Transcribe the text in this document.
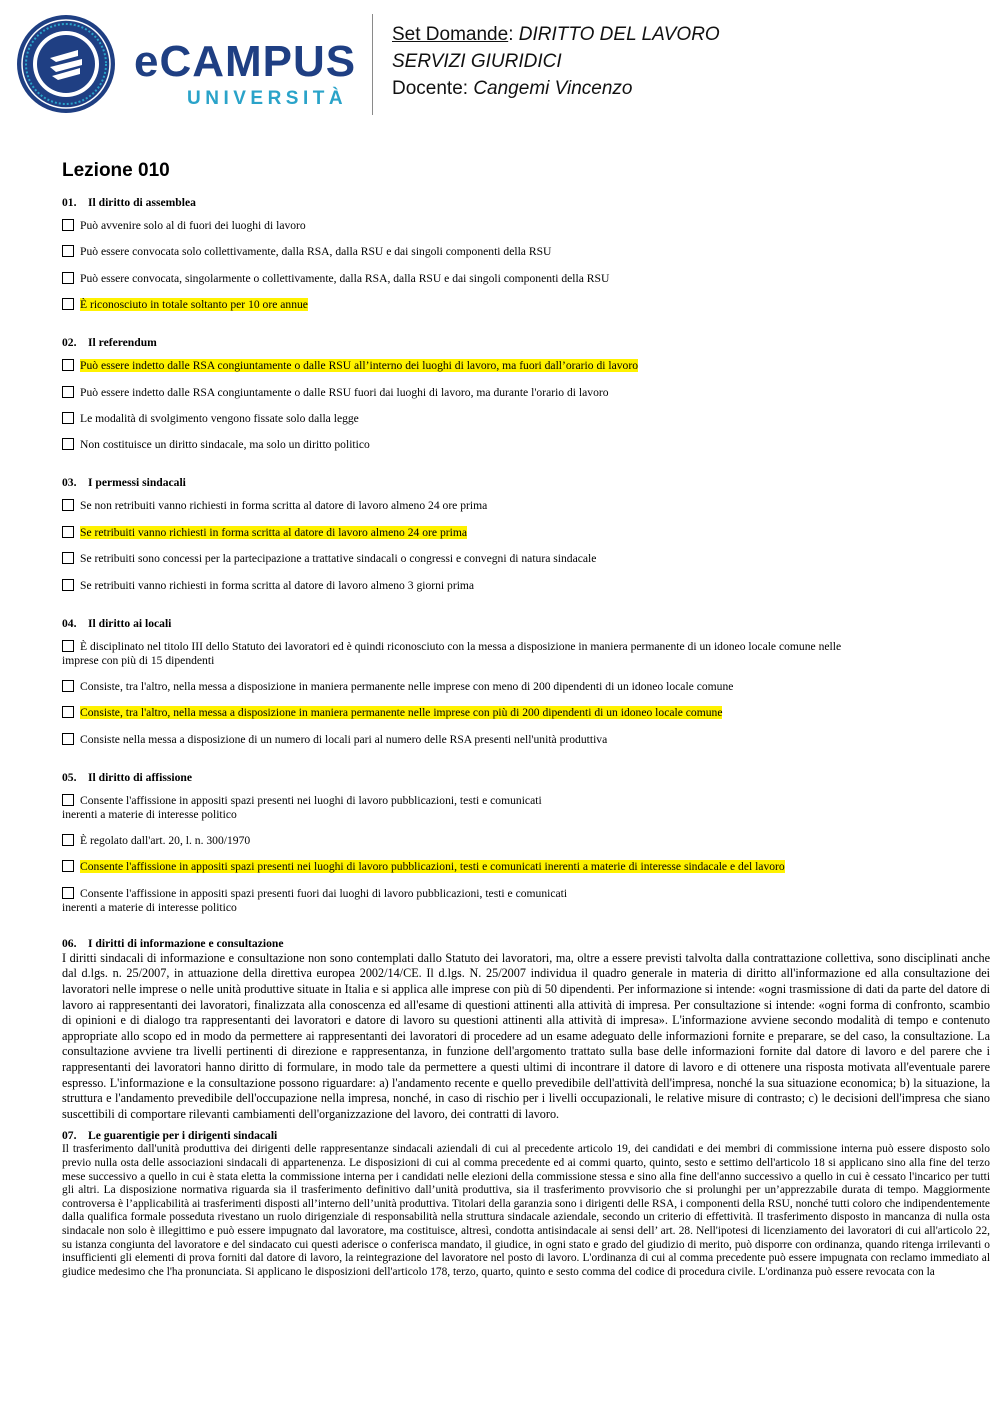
eCAMPUS
UNIVERSITÀ
Set Domande: DIRITTO DEL LAVORO
SERVIZI GIURIDICI
Docente: Cangemi Vincenzo
Lezione 010
01. Il diritto di assemblea
Può avvenire solo al di fuori dei luoghi di lavoro
Può essere convocata solo collettivamente, dalla RSA, dalla RSU e dai singoli componenti della RSU
Può essere convocata, singolarmente o collettivamente, dalla RSA, dalla RSU e dai singoli componenti della RSU
È riconosciuto in totale soltanto per 10 ore annue
02. Il referendum
Può essere indetto dalle RSA congiuntamente o dalle RSU all’interno dei luoghi di lavoro, ma fuori dall’orario di lavoro
Può essere indetto dalle RSA congiuntamente o dalle RSU fuori dai luoghi di lavoro, ma durante l'orario di lavoro
Le modalità di svolgimento vengono fissate solo dalla legge
Non costituisce un diritto sindacale, ma solo un diritto politico
03. I permessi sindacali
Se non retribuiti vanno richiesti in forma scritta al datore di lavoro almeno 24 ore prima
Se retribuiti vanno richiesti in forma scritta al datore di lavoro almeno 24 ore prima
Se retribuiti sono concessi per la partecipazione a trattative sindacali o congressi e convegni di natura sindacale
Se retribuiti vanno richiesti in forma scritta al datore di lavoro almeno 3 giorni prima
04. Il diritto ai locali
È disciplinato nel titolo III dello Statuto dei lavoratori ed è quindi riconosciuto con la messa a disposizione in maniera permanente di un idoneo locale comune nelle
imprese con più di 15 dipendenti
Consiste, tra l'altro, nella messa a disposizione in maniera permanente nelle imprese con meno di 200 dipendenti di un idoneo locale comune
Consiste, tra l'altro, nella messa a disposizione in maniera permanente nelle imprese con più di 200 dipendenti di un idoneo locale comune
Consiste nella messa a disposizione di un numero di locali pari al numero delle RSA presenti nell'unità produttiva
05. Il diritto di affissione
Consente l'affissione in appositi spazi presenti nei luoghi di lavoro pubblicazioni, testi e comunicati
inerenti a materie di interesse politico
È regolato dall'art. 20, l. n. 300/1970
Consente l'affissione in appositi spazi presenti nei luoghi di lavoro pubblicazioni, testi e comunicati inerenti a materie di interesse sindacale e del lavoro
Consente l'affissione in appositi spazi presenti fuori dai luoghi di lavoro pubblicazioni, testi e comunicati
inerenti a materie di interesse politico
06. I diritti di informazione e consultazione
I diritti sindacali di informazione e consultazione non sono contemplati dallo Statuto dei lavoratori, ma, oltre a essere previsti talvolta dalla contrattazione collettiva, sono disciplinati anche dal d.lgs. n. 25/2007, in attuazione della direttiva europea 2002/14/CE. Il d.lgs. N. 25/2007 individua il quadro generale in materia di diritto all'informazione ed alla consultazione dei lavoratori nelle imprese o nelle unità produttive situate in Italia e si applica alle imprese con più di 50 dipendenti. Per informazione si intende: «ogni trasmissione di dati da parte del datore di lavoro ai rappresentanti dei lavoratori, finalizzata alla conoscenza ed all'esame di questioni attinenti alla attività di impresa. Per consultazione si intende: «ogni forma di confronto, scambio di opinioni e di dialogo tra rappresentanti dei lavoratori e datore di lavoro su questioni attinenti alla attività di impresa». L'informazione avviene secondo modalità di tempo e contenuto appropriate allo scopo ed in modo da permettere ai rappresentanti dei lavoratori di procedere ad un esame adeguato delle informazioni fornite e preparare, se del caso, la consultazione. La consultazione avviene tra livelli pertinenti di direzione e rappresentanza, in funzione dell'argomento trattato sulla base delle informazioni fornite dal datore di lavoro e del parere che i rappresentanti dei lavoratori hanno diritto di formulare, in modo tale da permettere a questi ultimi di incontrare il datore di lavoro e di ottenere una risposta motivata all'eventuale parere espresso. L'informazione e la consultazione possono riguardare: a) l'andamento recente e quello prevedibile dell'attività dell'impresa, nonché la sua situazione economica; b) la situazione, la struttura e l'andamento prevedibile dell'occupazione nella impresa, nonché, in caso di rischio per i livelli occupazionali, le relative misure di contrasto; c) le decisioni dell'impresa che siano suscettibili di comportare rilevanti cambiamenti dell'organizzazione del lavoro, dei contratti di lavoro.
07. Le guarentigie per i dirigenti sindacali
Il trasferimento dall'unità produttiva dei dirigenti delle rappresentanze sindacali aziendali di cui al precedente articolo 19, dei candidati e dei membri di commissione interna può essere disposto solo previo nulla osta delle associazioni sindacali di appartenenza. Le disposizioni di cui al comma precedente ed ai commi quarto, quinto, sesto e settimo dell'articolo 18 si applicano sino alla fine del terzo mese successivo a quello in cui è stata eletta la commissione interna per i candidati nelle elezioni della commissione stessa e sino alla fine dell'anno successivo a quello in cui è cessato l'incarico per tutti gli altri. La disposizione normativa riguarda sia il trasferimento definitivo dall’unità produttiva, sia il trasferimento provvisorio che si prolunghi per un’apprezzabile durata di tempo. Maggiormente controversa è l’applicabilità ai trasferimenti disposti all’interno dell’unità produttiva. Titolari della garanzia sono i dirigenti delle RSA, i componenti della RSU, nonché tutti coloro che indipendentemente dalla qualifica formale posseduta rivestano un ruolo dirigenziale di responsabilità nella struttura sindacale aziendale, secondo un criterio di effettività. Il trasferimento disposto in mancanza di nulla osta sindacale non solo è illegittimo e può essere impugnato dal lavoratore, ma costituisce, altresì, condotta antisindacale ai sensi dell’ art. 28. Nell'ipotesi di licenziamento dei lavoratori di cui all'articolo 22, su istanza congiunta del lavoratore e del sindacato cui questi aderisce o conferisca mandato, il giudice, in ogni stato e grado del giudizio di merito, può disporre con ordinanza, quando ritenga irrilevanti o insufficienti gli elementi di prova forniti dal datore di lavoro, la reintegrazione del lavoratore nel posto di lavoro. L'ordinanza di cui al comma precedente può essere impugnata con reclamo immediato al giudice medesimo che l'ha pronunciata. Si applicano le disposizioni dell'articolo 178, terzo, quarto, quinto e sesto comma del codice di procedura civile. L'ordinanza può essere revocata con la
